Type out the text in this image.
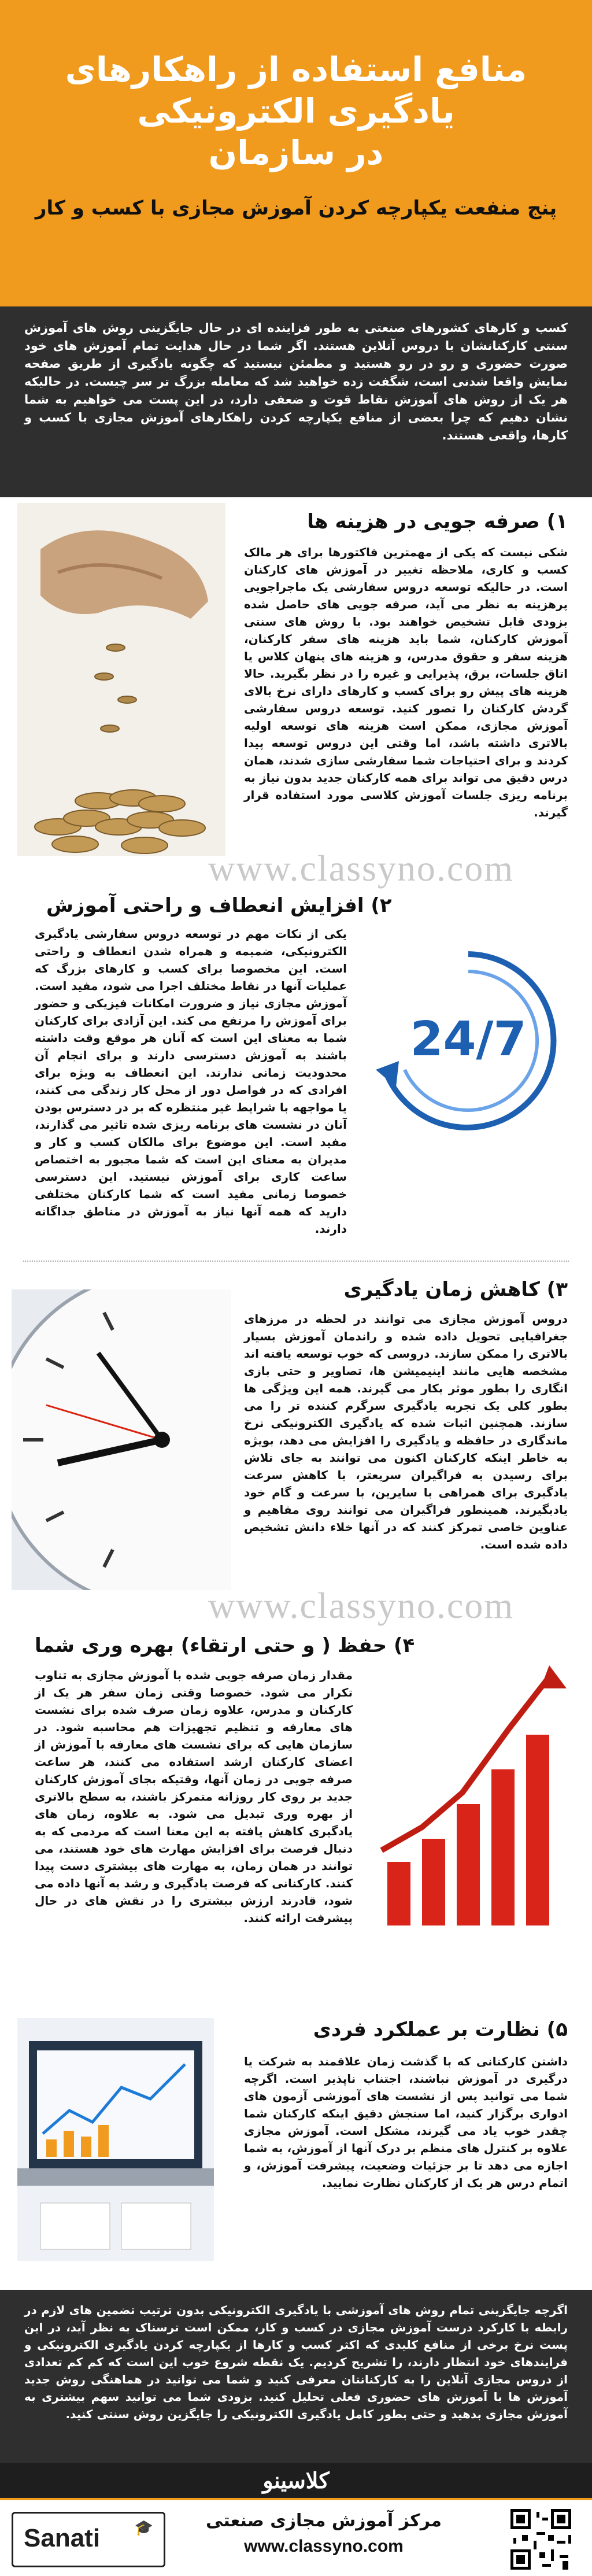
منافع استفاده از راهکارهای
یادگیری الکترونیکی
در سازمان
پنج منفعت یکپارچه کردن آموزش مجازی با کسب و کار

کسب و کارهای کشورهای صنعتی به طور فزاینده ای در حال جایگزینی روش های آموزش سنتی کارکنانشان با دروس آنلاین هستند. اگر شما در حال هدایت تمام آموزش های خود صورت حضوری و رو در رو هستید و مطمئن نیستید که چگونه یادگیری از طریق صفحه نمایش واقعا شدنی است، شگفت زده خواهید شد که معامله بزرگ تر سر چیست. در حالیکه هر یک از روش های آموزش نقاط قوت و ضعفی دارد، در این پست می خواهیم به شما نشان دهیم که چرا بعضی از منافع یکپارچه کردن راهکارهای آموزش مجازی با کسب و کارها، واقعی هستند.

۱) صرفه جویی در هزینه ها

شکی نیست که یکی از مهمترین فاکتورها برای هر مالک کسب و کاری، ملاحظه تغییر در آموزش های کارکنان است. در حالیکه توسعه دروس سفارشی یک ماجراجویی پرهزینه به نظر می آید، صرفه جویی های حاصل شده بزودی قابل تشخیص خواهند بود. با روش های سنتی آموزش کارکنان، شما باید هزینه های سفر کارکنان، هزینه سفر و حقوق مدرس، و هزینه های پنهان کلاس یا اتاق جلسات، برق، پذیرایی و غیره را در نظر بگیرید. حالا هزینه های پیش رو برای کسب و کارهای دارای نرخ بالای گردش کارکنان را تصور کنید. توسعه دروس سفارشی آموزش مجازی، ممکن است هزینه های توسعه اولیه بالاتری داشته باشد، اما وقتی این دروس توسعه پیدا کردند و برای احتیاجات شما سفارشی سازی شدند، همان درس دقیق می تواند برای همه کارکنان جدید بدون نیاز به برنامه ریزی جلسات آموزش کلاسی مورد استفاده قرار گیرند.

www.classyno.com
۲) افزایش انعطاف و راحتی آموزش

یکی از نکات مهم در توسعه دروس سفارشی یادگیری الکترونیکی، ضمیمه و همراه شدن انعطاف و راحتی است. این مخصوصا برای کسب و کارهای بزرگ که عملیات آنها در نقاط مختلف اجرا می شود، مفید است. آموزش مجازی نیاز و ضرورت امکانات فیزیکی و حضور برای آموزش را مرتفع می کند. این آزادی برای کارکنان شما به معنای این است که آنان هر موقع وقت داشته باشند به آموزش دسترسی دارند و برای انجام آن محدودیت زمانی ندارند. این انعطاف به ویژه برای افرادی که در فواصل دور از محل کار زندگی می کنند، یا مواجهه با شرایط غیر منتظره که بر در دسترس بودن آنان در نشست های برنامه ریزی شده تاثیر می گذارند، مفید است. این موضوع برای مالکان کسب و کار و مدیران به معنای این است که شما مجبور به اختصاص ساعت کاری برای آموزش نیستید. این دسترسی خصوصا زمانی مفید است که شما کارکنان مختلفی دارید که همه آنها نیاز به آموزش در مناطق جداگانه دارند.

24/7
۳) کاهش زمان یادگیری

دروس آموزش مجازی می توانند در لحظه در مرزهای جغرافیایی تحویل داده شده و راندمان آموزش بسیار بالاتری را ممکن سازند. دروسی که خوب توسعه یافته اند مشخصه هایی مانند اینیمیشن ها، تصاویر و حتی بازی انگاری را بطور موثر بکار می گیرند. همه این ویژگی ها بطور کلی یک تجربه یادگیری سرگرم کننده تر را می سازند. همچنین اثبات شده که یادگیری الکترونیکی نرخ ماندگاری در حافظه و یادگیری را افزایش می دهد، بویژه به خاطر اینکه کارکنان اکنون می توانند به جای تلاش برای رسیدن به فراگیران سریعتر، با کاهش سرعت یادگیری برای همراهی با سایرین، با سرعت و گام خود یادبگیرند. همینطور فراگیران می توانند روی مفاهیم و عناوین خاصی تمرکز کنند که در آنها خلاء دانش تشخیص داده شده است.

www.classyno.com
۴) حفظ ( و حتی ارتقاء) بهره وری شما

مقدار زمان صرفه جویی شده با آموزش مجازی به تناوب تکرار می شود. خصوصا وقتی زمان سفر هر یک از کارکنان و مدرس، علاوه زمان صرف شده برای نشست های معارفه و تنظیم تجهیزات هم محاسبه شود. در سازمان هایی که برای نشست های معارفه با آموزش از اعضای کارکنان ارشد استفاده می کنند، هر ساعت صرفه جویی در زمان آنها، وقتیکه بجای آموزش کارکنان جدید بر روی کار روزانه متمرکز باشند، به سطح بالاتری از بهره وری تبدیل می شود. به علاوه، زمان های یادگیری کاهش یافته به این معنا است که مردمی که به دنبال فرصت برای افزایش مهارت های خود هستند، می توانند در همان زمان، به مهارت های بیشتری دست پیدا کنند. کارکنانی که فرصت یادگیری و رشد به آنها داده می شود، قادرند ارزش بیشتری را در نقش های در حال پیشرفت ارائه کنند.

۵) نظارت بر عملکرد فردی

داشتن کارکنانی که با گذشت زمان علاقمند به شرکت یا درگیری در آموزش نباشند، اجتناب ناپذیر است. اگرچه شما می توانید پس از نشست های آموزشی آزمون های ادواری برگزار کنید، اما سنجش دقیق اینکه کارکنان شما چقدر خوب یاد می گیرند، مشکل است. آموزش مجازی علاوه بر کنترل های منظم بر درک آنها از آموزش، به شما اجازه می دهد تا بر جزئیات وضعیت، پیشرفت آموزش، و اتمام درس هر یک از کارکنان نظارت نمایید.

اگرچه جایگزینی تمام روش های آموزشی با یادگیری الکترونیکی بدون ترتیب تضمین های لازم در رابطه با کارکرد درست آموزش مجازی در کسب و کار، ممکن است ترسناک به نظر آید، در این پست نرخ برخی از منافع کلیدی که اکثر کسب و کارها از یکپارچه کردن یادگیری الکترونیکی و فرایندهای خود انتظار دارند، را تشریح کردیم. یک نقطه شروع خوب این است که کم کم تعدادی از دروس مجازی آنلاین را به کارکنانتان معرفی کنید و شما می توانید در هماهنگی روش جدید آموزش ها با آموزش های حضوری فعلی تحلیل کنید. بزودی شما می توانید سهم بیشتری به آموزش مجازی بدهید و حتی بطور کامل یادگیری الکترونیکی را جایگزین روش سنتی کنید.

کلاسینو
Sanati 🎓	مرکز آموزش مجازی صنعتی
www.classyno.com
